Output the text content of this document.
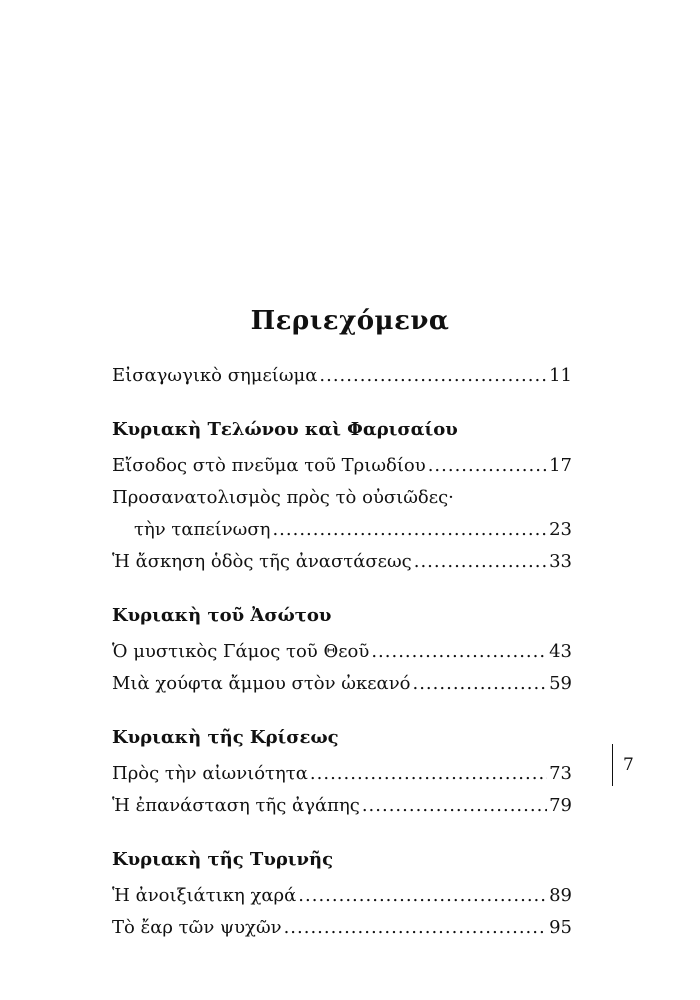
Περιεχόμενα
Εἰσαγωγικὸ σημείωμα .....	11
Κυριακὴ Τελώνου καὶ Φαρισαίου
Εἴσοδος στὸ πνεῦμα τοῦ Τριωδίου .....	17
Προσανατολισμὸς πρὸς τὸ οὐσιῶδες·
τὴν ταπείνωση .....	23
Ἡ ἄσκηση ὁδὸς τῆς ἀναστάσεως .....	33
Κυριακὴ τοῦ Ἀσώτου
Ὁ μυστικὸς Γάμος τοῦ Θεοῦ .....	43
Μιὰ χούφτα ἄμμου στὸν ὠκεανό .....	59
Κυριακὴ τῆς Κρίσεως
Πρὸς τὴν αἰωνιότητα .....	73
Ἡ ἐπανάσταση τῆς ἀγάπης .....	79
Κυριακὴ τῆς Τυρινῆς
Ἡ ἀνοιξιάτικη χαρά .....	89
Τὸ ἔαρ τῶν ψυχῶν .....	95
7
